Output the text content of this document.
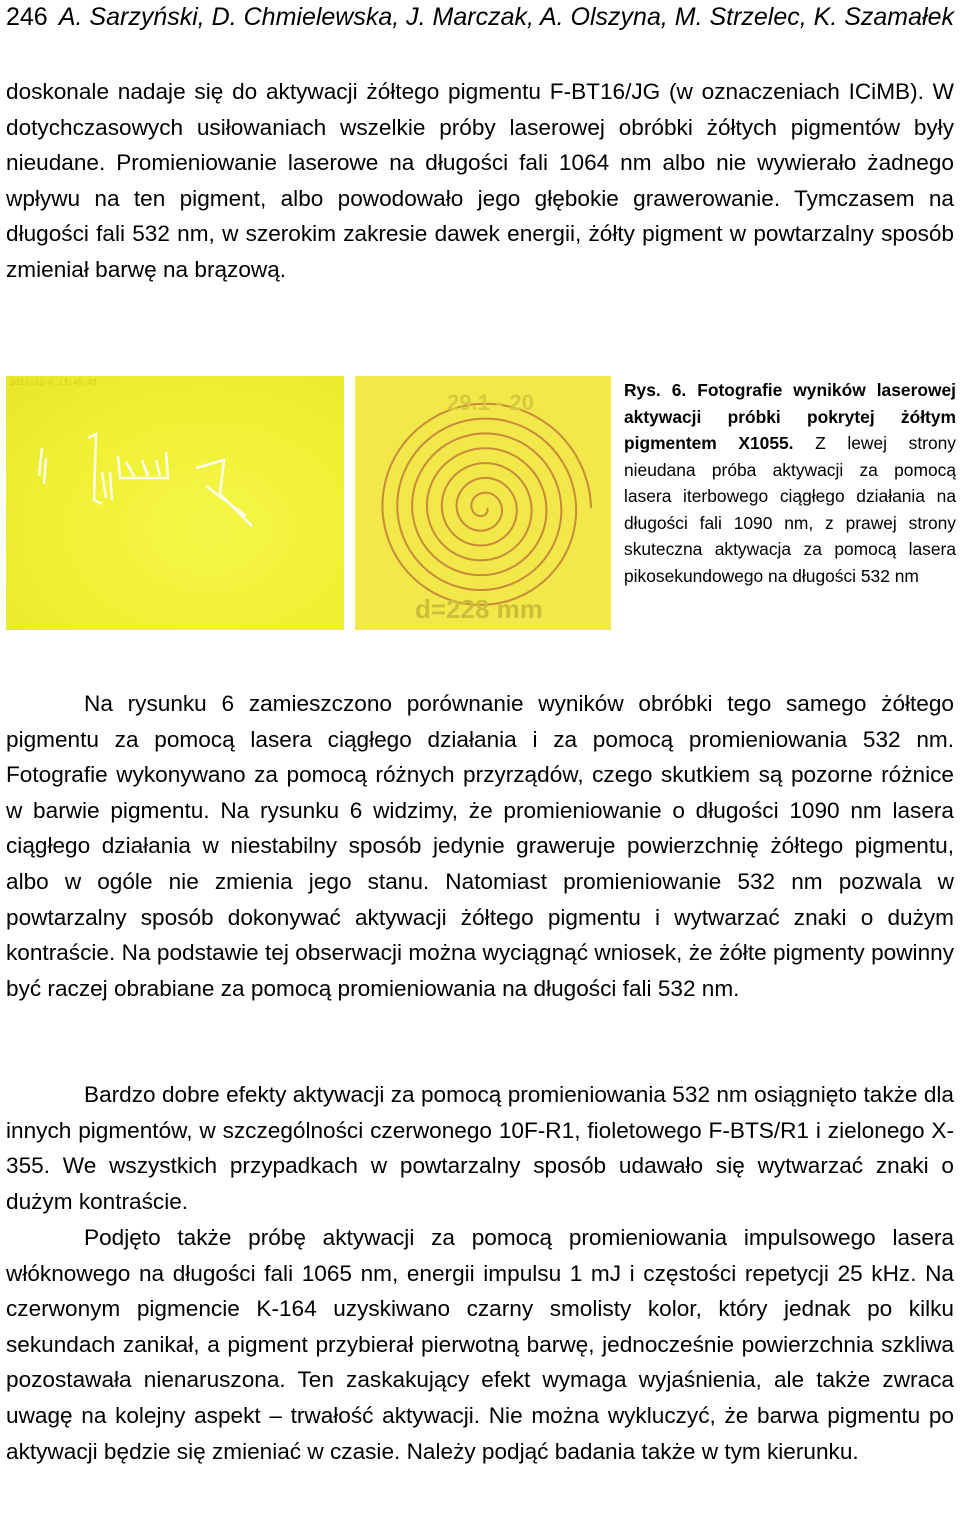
246 A. Sarzyński, D. Chmielewska, J. Marczak, A. Olszyna, M. Strzelec, K. Szamałek

doskonale nadaje się do aktywacji żółtego pigmentu F-BT16/JG (w oznaczeniach ICiMB). W dotychczasowych usiłowaniach wszelkie próby laserowej obróbki żółtych pigmentów były nieudane. Promieniowanie laserowe na długości fali 1064 nm albo nie wywierało żadnego wpływu na ten pigment, albo powodowało jego głębokie grawerowanie. Tymczasem na długości fali 532 nm, w szerokim zakresie dawek energii, żółty pigment w powtarzalny sposób zmieniał barwę na brązową.

2011-12-6 13:48:48
29.1 - 20
d=228 mm
Rys. 6. Fotografie wyników laserowej aktywacji próbki pokrytej żółtym pigmentem X1055. Z lewej strony nieudana próba aktywacji za pomocą lasera iterbowego ciągłego działania na długości fali 1090 nm, z prawej strony skuteczna aktywacja za pomocą lasera pikosekundowego na długości 532 nm

Na rysunku 6 zamieszczono porównanie wyników obróbki tego samego żółtego pigmentu za pomocą lasera ciągłego działania i za pomocą promieniowania 532 nm. Fotografie wykonywano za pomocą różnych przyrządów, czego skutkiem są pozorne różnice w barwie pigmentu. Na rysunku 6 widzimy, że promieniowanie o długości 1090 nm lasera ciągłego działania w niestabilny sposób jedynie graweruje powierzchnię żółtego pigmentu, albo w ogóle nie zmienia jego stanu. Natomiast promieniowanie 532 nm pozwala w powtarzalny sposób dokonywać aktywacji żółtego pigmentu i wytwarzać znaki o dużym kontraście. Na podstawie tej obserwacji można wyciągnąć wniosek, że żółte pigmenty powinny być raczej obrabiane za pomocą promieniowania na długości fali 532 nm.

Bardzo dobre efekty aktywacji za pomocą promieniowania 532 nm osiągnięto także dla innych pigmentów, w szczególności czerwonego 10F-R1, fioletowego F-BTS/R1 i zielonego X-355. We wszystkich przypadkach w powtarzalny sposób udawało się wytwarzać znaki o dużym kontraście.

Podjęto także próbę aktywacji za pomocą promieniowania impulsowego lasera włóknowego na długości fali 1065 nm, energii impulsu 1 mJ i częstości repetycji 25 kHz. Na czerwonym pigmencie K-164 uzyskiwano czarny smolisty kolor, który jednak po kilku sekundach zanikał, a pigment przybierał pierwotną barwę, jednocześnie powierzchnia szkliwa pozostawała nienaruszona. Ten zaskakujący efekt wymaga wyjaśnienia, ale także zwraca uwagę na kolejny aspekt – trwałość aktywacji. Nie można wykluczyć, że barwa pigmentu po aktywacji będzie się zmieniać w czasie. Należy podjąć badania także w tym kierunku.
